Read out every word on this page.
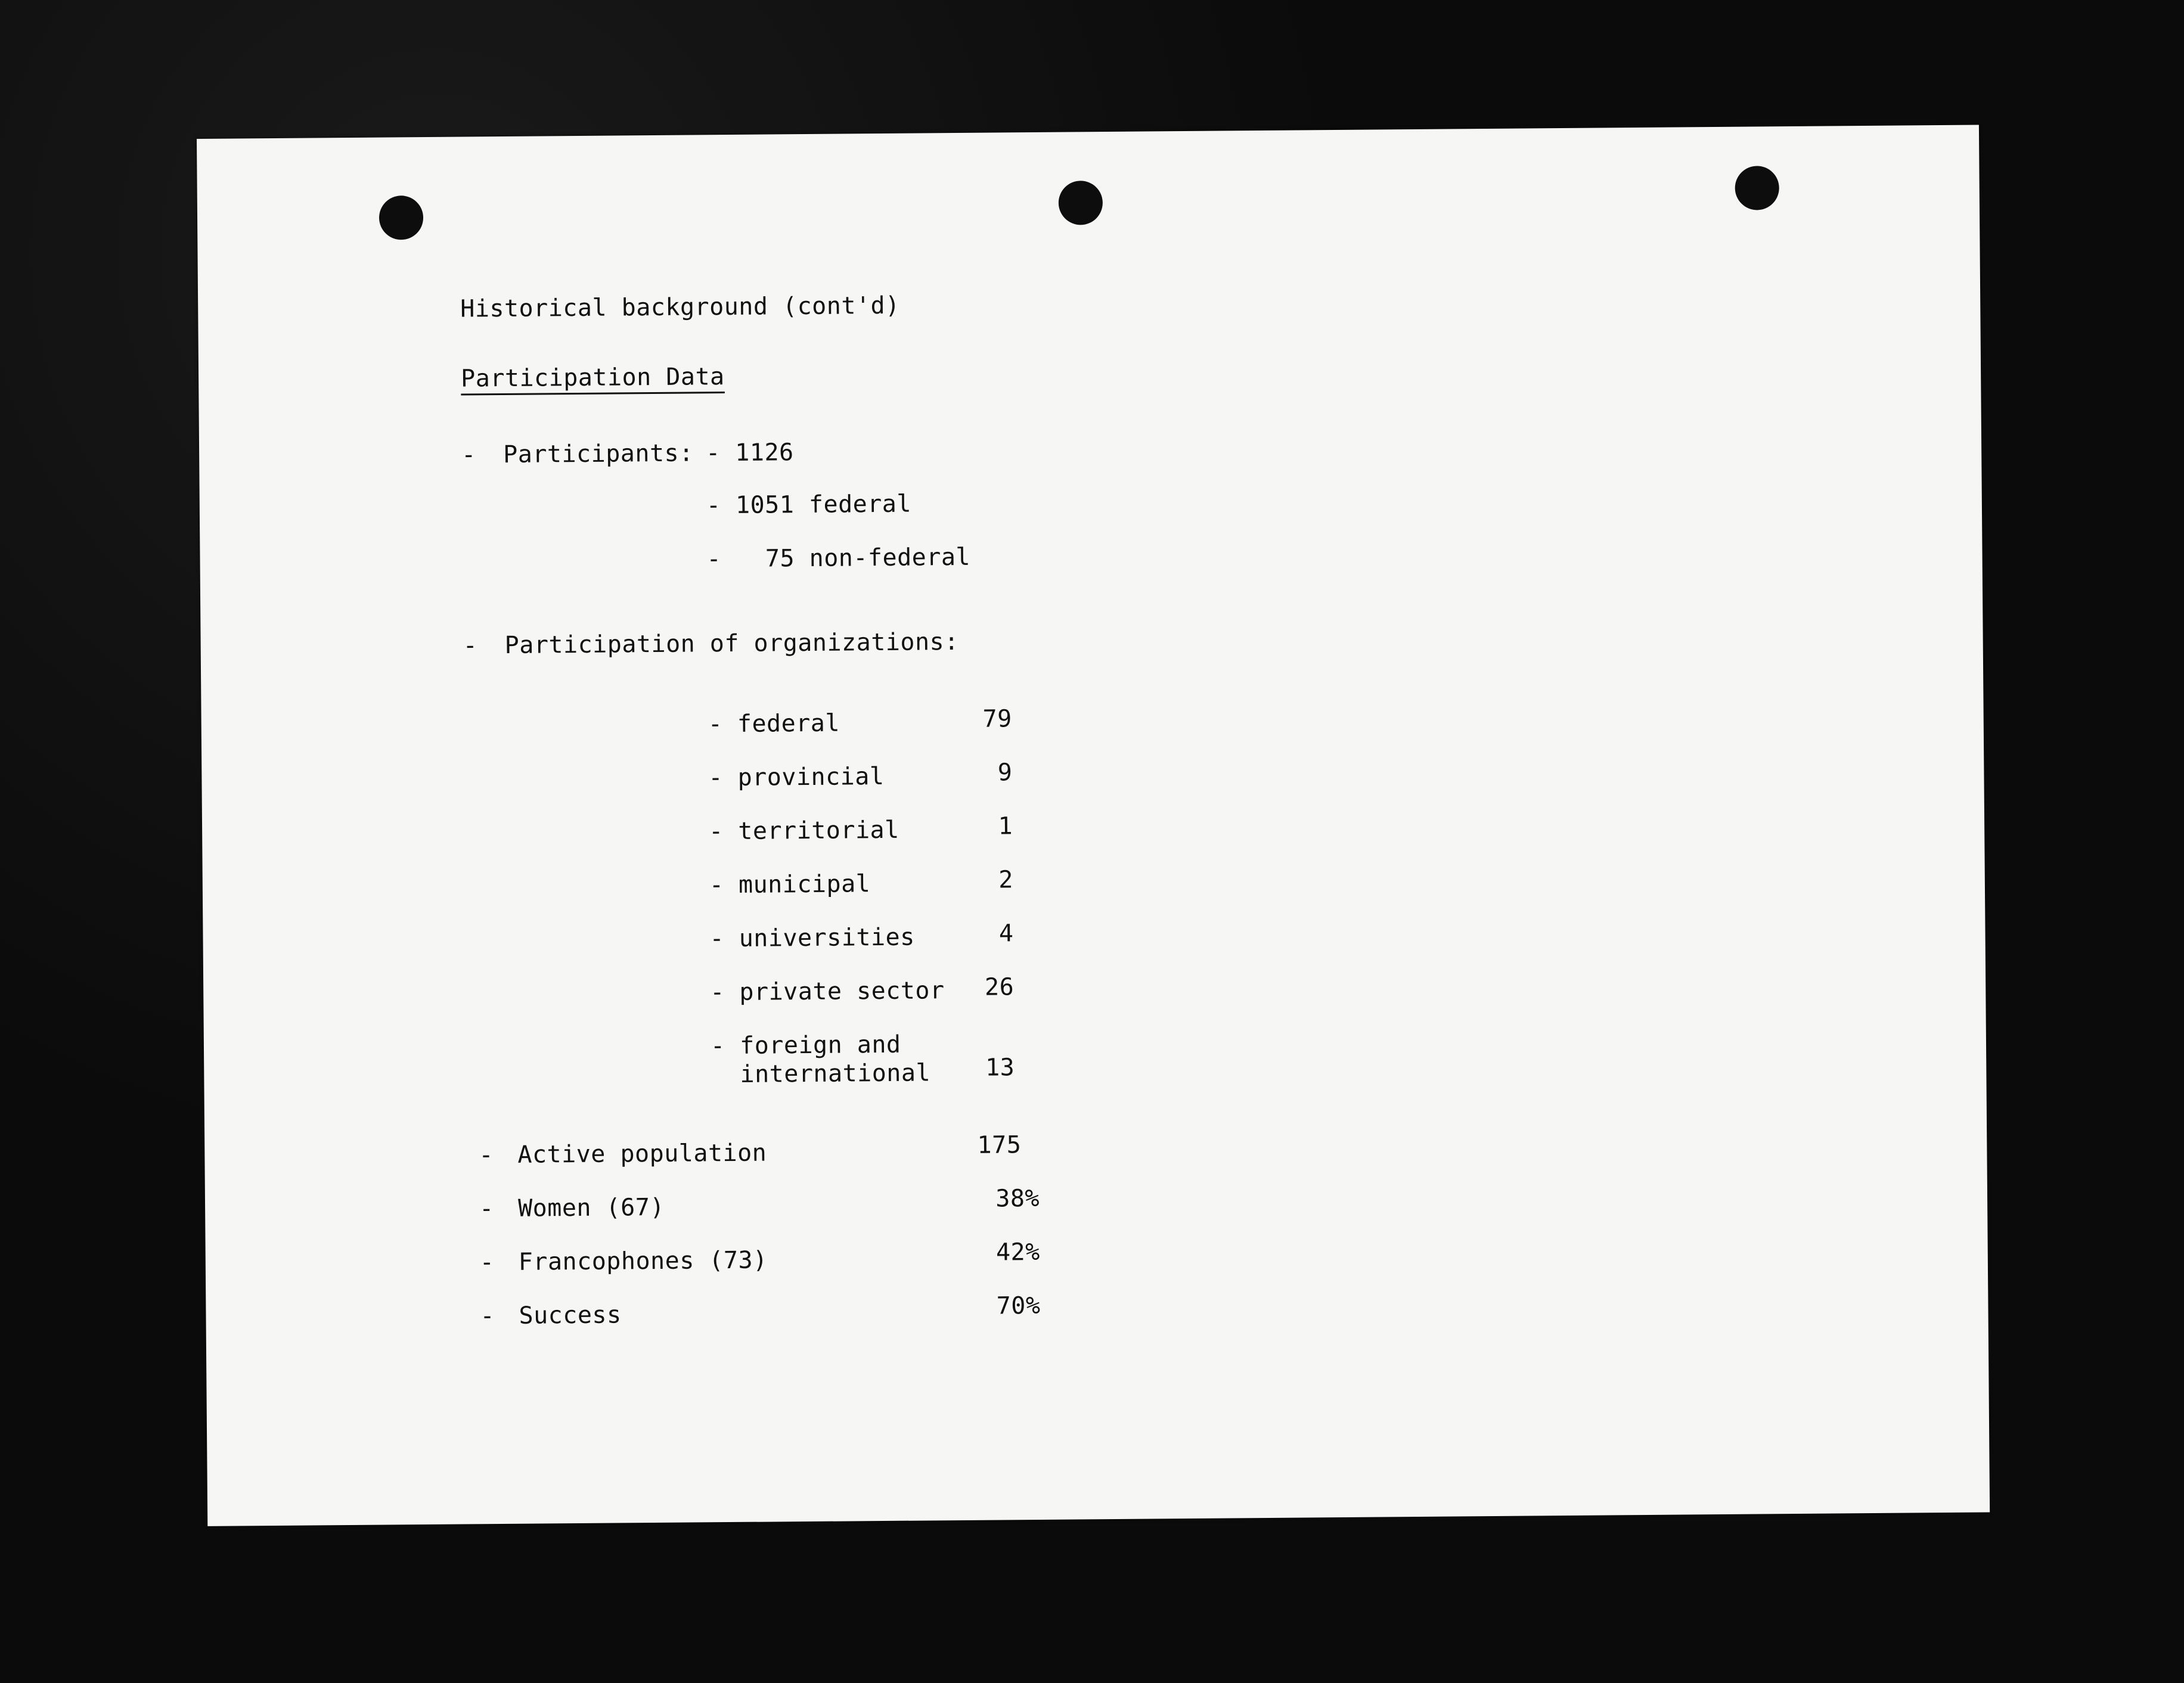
Historical background (cont'd)
Participation Data
- Participants: - 1126
- 1051 federal
-   75 non-federal
- Participation of organizations:
- federal	79
- provincial	9
- territorial	1
- municipal	2
- universities	4
- private sector	26
- foreign and
international	13
- Active population	175
- Women (67)	38%
- Francophones (73)	42%
- Success	70%
